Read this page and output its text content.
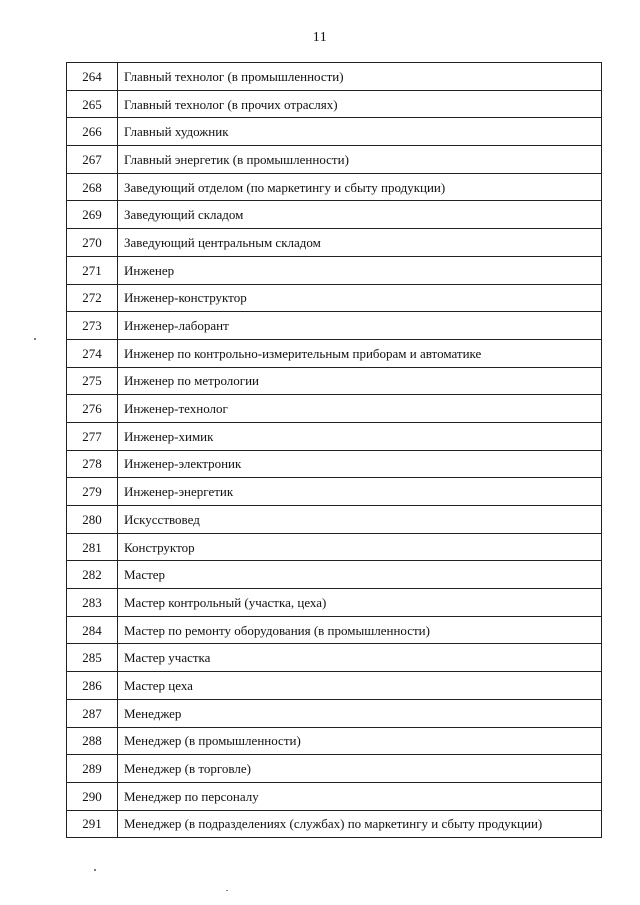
11
264	Главный технолог (в промышленности)
265	Главный технолог (в прочих отраслях)
266	Главный художник
267	Главный энергетик (в промышленности)
268	Заведующий отделом (по маркетингу и сбыту продукции)
269	Заведующий складом
270	Заведующий центральным складом
271	Инженер
272	Инженер-конструктор
273	Инженер-лаборант
274	Инженер по контрольно-измерительным приборам и автоматике
275	Инженер по метрологии
276	Инженер-технолог
277	Инженер-химик
278	Инженер-электроник
279	Инженер-энергетик
280	Искусствовед
281	Конструктор
282	Мастер
283	Мастер контрольный (участка, цеха)
284	Мастер по ремонту оборудования (в промышленности)
285	Мастер участка
286	Мастер цеха
287	Менеджер
288	Менеджер (в промышленности)
289	Менеджер (в торговле)
290	Менеджер по персоналу
291	Менеджер (в подразделениях (службах) по маркетингу и сбыту продукции)
